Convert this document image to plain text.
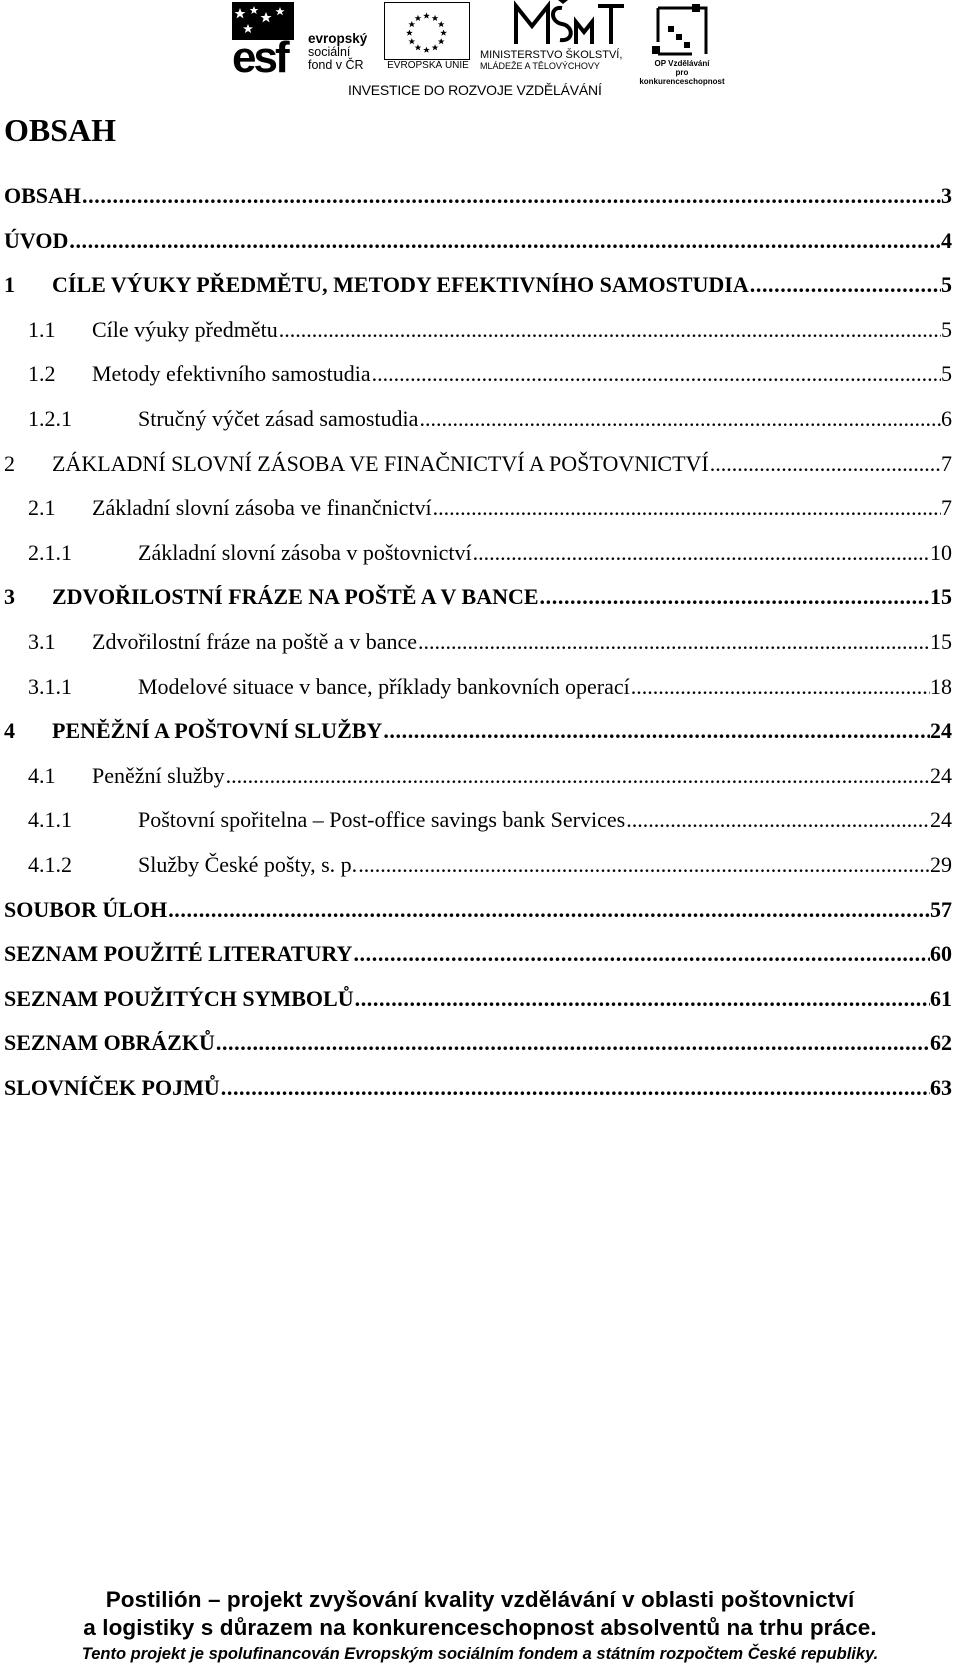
esf evropský
sociální
fond v ČR	EVROPSKÁ UNIE
MINISTERSTVO ŠKOLSTVÍ,
MLÁDEŽE A TĚLOVÝCHOVY	OP Vzdělávání
pro konkurenceschopnost
INVESTICE DO ROZVOJE VZDĚLÁVÁNÍ
OBSAH
OBSAH .....	3
ÚVOD .....	4
1	CÍLE VÝUKY PŘEDMĚTU, METODY EFEKTIVNÍHO SAMOSTUDIA .....	5
1.1	Cíle výuky předmětu .....	5
1.2	Metody efektivního samostudia .....	5
1.2.1	Stručný výčet zásad samostudia .....	6
2	ZÁKLADNÍ SLOVNÍ ZÁSOBA VE FINAČNICTVÍ A POŠTOVNICTVÍ .....	7
2.1	Základní slovní zásoba ve finančnictví .....	7
2.1.1	Základní slovní zásoba v poštovnictví .....	10
3	ZDVOŘILOSTNÍ FRÁZE NA POŠTĚ A V BANCE .....	15
3.1	Zdvořilostní fráze na poště a v bance .....	15
3.1.1	Modelové situace v bance, příklady bankovních operací .....	18
4	PENĚŽNÍ A POŠTOVNÍ SLUŽBY .....	24
4.1	Peněžní služby .....	24
4.1.1	Poštovní spořitelna – Post-office savings bank Services .....	24
4.1.2	Služby České pošty, s. p. .....	29
SOUBOR ÚLOH .....	57
SEZNAM POUŽITÉ LITERATURY .....	60
SEZNAM POUŽITÝCH SYMBOLŮ .....	61
SEZNAM OBRÁZKŮ .....	62
SLOVNÍČEK POJMŮ .....	63
Postilión – projekt zvyšování kvality vzdělávání v oblasti poštovnictví
a logistiky s důrazem na konkurenceschopnost absolventů na trhu práce.
Tento projekt je spolufinancován Evropským sociálním fondem a státním rozpočtem České republiky.
